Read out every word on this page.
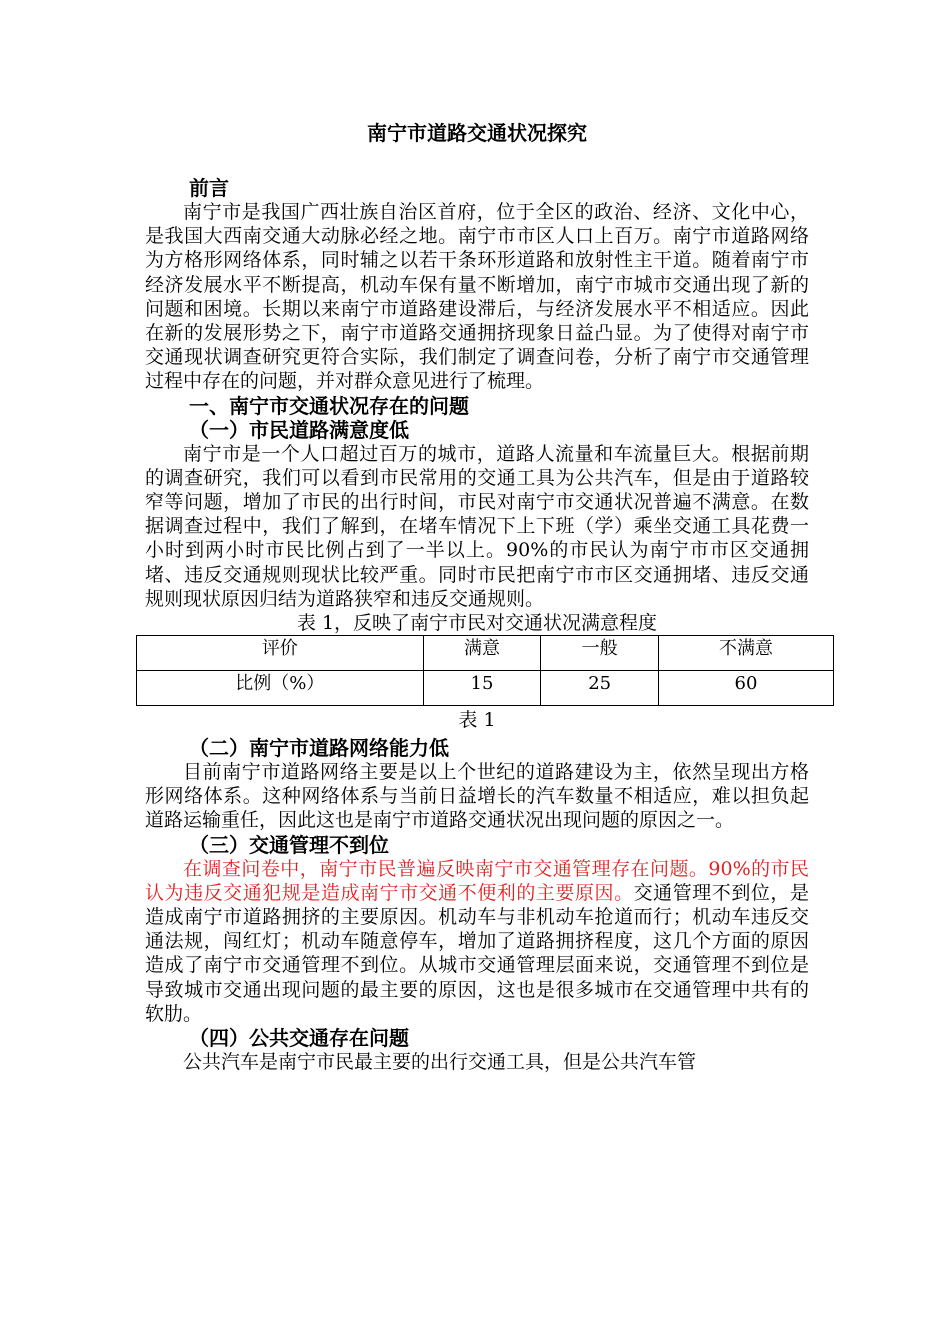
南宁市道路交通状况探究
前言

南宁市是我国广西壮族自治区首府，位于全区的政治、经济、文化中心，是我国大西南交通大动脉必经之地。南宁市市区人口上百万。南宁市道路网络为方格形网络体系，同时辅之以若干条环形道路和放射性主干道。随着南宁市经济发展水平不断提高，机动车保有量不断增加，南宁市城市交通出现了新的问题和困境。长期以来南宁市道路建设滞后，与经济发展水平不相适应。因此在新的发展形势之下，南宁市道路交通拥挤现象日益凸显。为了使得对南宁市交通现状调查研究更符合实际，我们制定了调查问卷，分析了南宁市交通管理过程中存在的问题，并对群众意见进行了梳理。

一、南宁市交通状况存在的问题
（一）市民道路满意度低

南宁市是一个人口超过百万的城市，道路人流量和车流量巨大。根据前期的调查研究，我们可以看到市民常用的交通工具为公共汽车，但是由于道路较窄等问题，增加了市民的出行时间，市民对南宁市交通状况普遍不满意。在数据调查过程中，我们了解到，在堵车情况下上下班（学）乘坐交通工具花费一小时到两小时市民比例占到了一半以上。90%的市民认为南宁市市区交通拥堵、违反交通规则现状比较严重。同时市民把南宁市市区交通拥堵、违反交通规则现状原因归结为道路狭窄和违反交通规则。

表 1，反映了南宁市民对交通状况满意程度

评价	满意	一般	不满意
比例（%）	15	25	60

表 1

（二）南宁市道路网络能力低

目前南宁市道路网络主要是以上个世纪的道路建设为主，依然呈现出方格形网络体系。这种网络体系与当前日益增长的汽车数量不相适应，难以担负起道路运输重任，因此这也是南宁市道路交通状况出现问题的原因之一。

（三）交通管理不到位

在调查问卷中，南宁市民普遍反映南宁市交通管理存在问题。90%的市民认为违反交通犯规是造成南宁市交通不便利的主要原因。交通管理不到位，是造成南宁市道路拥挤的主要原因。机动车与非机动车抢道而行；机动车违反交通法规，闯红灯；机动车随意停车，增加了道路拥挤程度，这几个方面的原因造成了南宁市交通管理不到位。从城市交通管理层面来说，交通管理不到位是导致城市交通出现问题的最主要的原因，这也是很多城市在交通管理中共有的软肋。

（四）公共交通存在问题

公共汽车是南宁市民最主要的出行交通工具，但是公共汽车管
